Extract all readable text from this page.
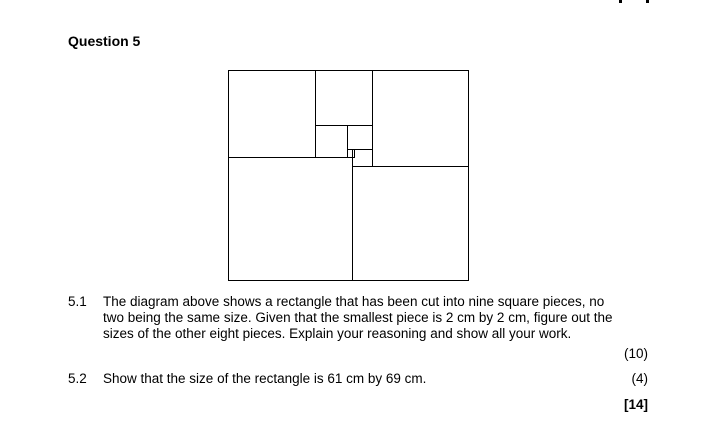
Question 5
5.1 The diagram above shows a rectangle that has been cut into nine square pieces, no two being the same size. Given that the smallest piece is 2 cm by 2 cm, figure out the sizes of the other eight pieces. Explain your reasoning and show all your work.
(10)
5.2 Show that the size of the rectangle is 61 cm by 69 cm.	(4)
[14]
